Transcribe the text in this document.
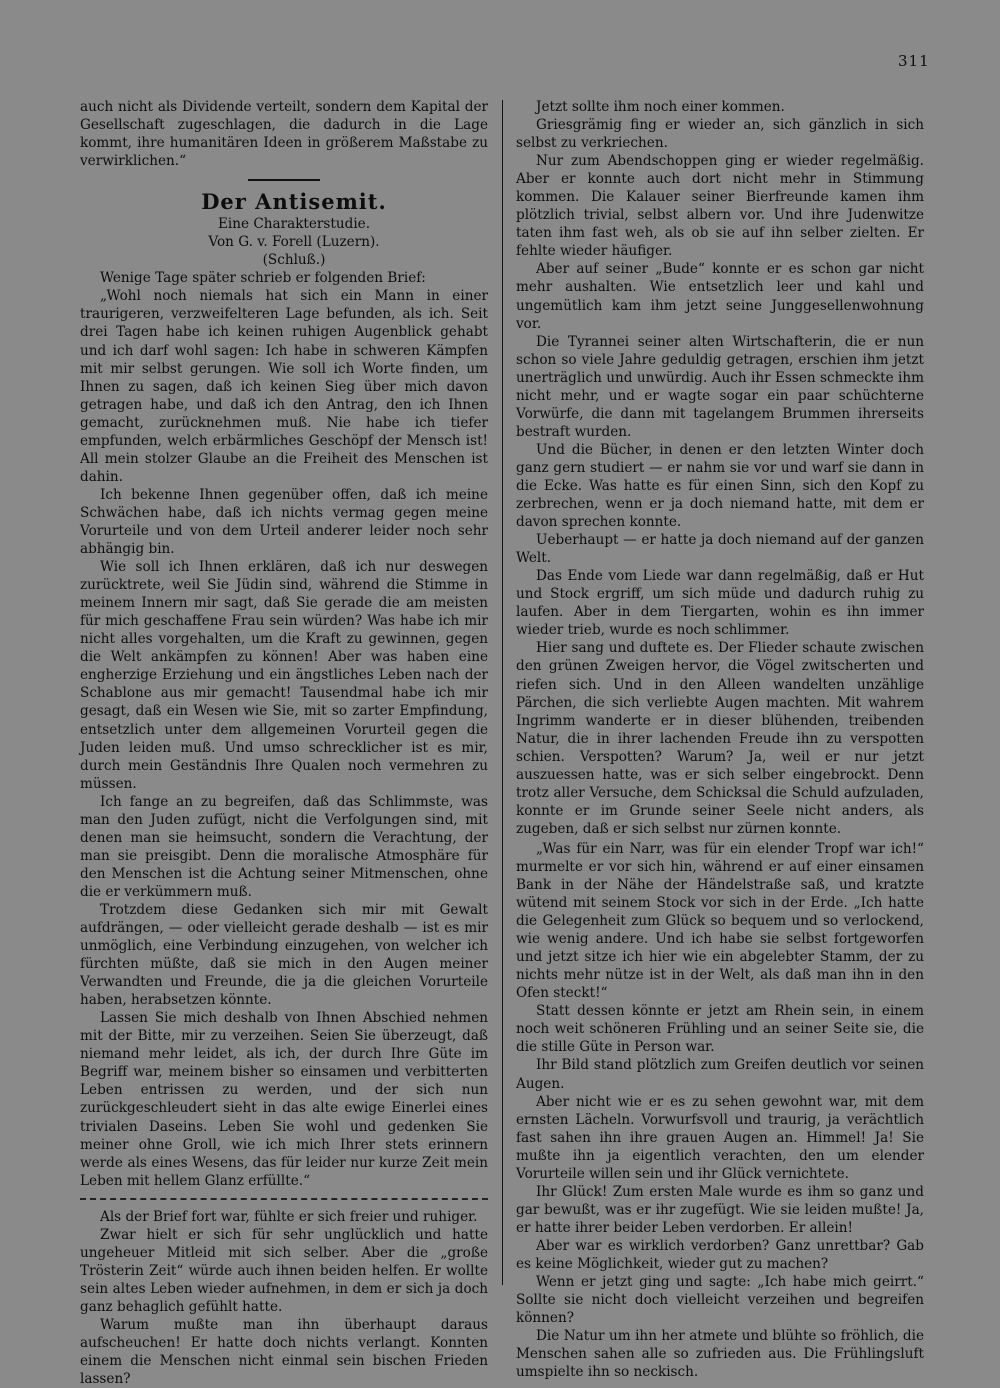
311

auch nicht als Dividende verteilt, sondern dem Kapital der Gesellschaft zugeschlagen, die dadurch in die Lage kommt, ihre humanitären Ideen in größerem Maßstabe zu verwirklichen.“

Der Antisemit.

Eine Charakterstudie.

Von G. v. Forell (Luzern).

(Schluß.)

Wenige Tage später schrieb er folgenden Brief:

„Wohl noch niemals hat sich ein Mann in einer traurigeren, verzweifelteren Lage befunden, als ich. Seit drei Tagen habe ich keinen ruhigen Augenblick gehabt und ich darf wohl sagen: Ich habe in schweren Kämpfen mit mir selbst gerungen. Wie soll ich Worte finden, um Ihnen zu sagen, daß ich keinen Sieg über mich davon getragen habe, und daß ich den Antrag, den ich Ihnen gemacht, zurücknehmen muß. Nie habe ich tiefer empfunden, welch erbärmliches Geschöpf der Mensch ist! All mein stolzer Glaube an die Freiheit des Menschen ist dahin.

Ich bekenne Ihnen gegenüber offen, daß ich meine Schwächen habe, daß ich nichts vermag gegen meine Vorurteile und von dem Urteil anderer leider noch sehr abhängig bin.

Wie soll ich Ihnen erklären, daß ich nur deswegen zurücktrete, weil Sie Jüdin sind, während die Stimme in meinem Innern mir sagt, daß Sie gerade die am meisten für mich geschaffene Frau sein würden? Was habe ich mir nicht alles vorgehalten, um die Kraft zu gewinnen, gegen die Welt ankämpfen zu können! Aber was haben eine engherzige Erziehung und ein ängstliches Leben nach der Schablone aus mir gemacht! Tausendmal habe ich mir gesagt, daß ein Wesen wie Sie, mit so zarter Empfindung, entsetzlich unter dem allgemeinen Vorurteil gegen die Juden leiden muß. Und umso schrecklicher ist es mir, durch mein Geständnis Ihre Qualen noch vermehren zu müssen.

Ich fange an zu begreifen, daß das Schlimmste, was man den Juden zufügt, nicht die Verfolgungen sind, mit denen man sie heimsucht, sondern die Verachtung, der man sie preisgibt. Denn die moralische Atmosphäre für den Menschen ist die Achtung seiner Mitmenschen, ohne die er verkümmern muß.

Trotzdem diese Gedanken sich mir mit Gewalt aufdrängen, — oder vielleicht gerade deshalb — ist es mir unmöglich, eine Verbindung einzugehen, von welcher ich fürchten müßte, daß sie mich in den Augen meiner Verwandten und Freunde, die ja die gleichen Vorurteile haben, herabsetzen könnte.

Lassen Sie mich deshalb von Ihnen Abschied nehmen mit der Bitte, mir zu verzeihen. Seien Sie überzeugt, daß niemand mehr leidet, als ich, der durch Ihre Güte im Begriff war, meinem bisher so einsamen und verbitterten Leben entrissen zu werden, und der sich nun zurückgeschleudert sieht in das alte ewige Einerlei eines trivialen Daseins. Leben Sie wohl und gedenken Sie meiner ohne Groll, wie ich mich Ihrer stets erinnern werde als eines Wesens, das für leider nur kurze Zeit mein Leben mit hellem Glanz erfüllte.“

Als der Brief fort war, fühlte er sich freier und ruhiger.

Zwar hielt er sich für sehr unglücklich und hatte ungeheuer Mitleid mit sich selber. Aber die „große Trösterin Zeit“ würde auch ihnen beiden helfen. Er wollte sein altes Leben wieder aufnehmen, in dem er sich ja doch ganz behaglich gefühlt hatte.

Warum mußte man ihn überhaupt daraus aufscheuchen! Er hatte doch nichts verlangt. Konnten einem die Menschen nicht einmal sein bischen Frieden lassen?

Jetzt sollte ihm noch einer kommen.

Griesgrämig fing er wieder an, sich gänzlich in sich selbst zu verkriechen.

Nur zum Abendschoppen ging er wieder regelmäßig. Aber er konnte auch dort nicht mehr in Stimmung kommen. Die Kalauer seiner Bierfreunde kamen ihm plötzlich trivial, selbst albern vor. Und ihre Judenwitze taten ihm fast weh, als ob sie auf ihn selber zielten. Er fehlte wieder häufiger.

Aber auf seiner „Bude“ konnte er es schon gar nicht mehr aushalten. Wie entsetzlich leer und kahl und ungemütlich kam ihm jetzt seine Junggesellenwohnung vor.

Die Tyrannei seiner alten Wirtschafterin, die er nun schon so viele Jahre geduldig getragen, erschien ihm jetzt unerträglich und unwürdig. Auch ihr Essen schmeckte ihm nicht mehr, und er wagte sogar ein paar schüchterne Vorwürfe, die dann mit tagelangem Brummen ihrerseits bestraft wurden.

Und die Bücher, in denen er den letzten Winter doch ganz gern studiert — er nahm sie vor und warf sie dann in die Ecke. Was hatte es für einen Sinn, sich den Kopf zu zerbrechen, wenn er ja doch niemand hatte, mit dem er davon sprechen konnte.

Ueberhaupt — er hatte ja doch niemand auf der ganzen Welt.

Das Ende vom Liede war dann regelmäßig, daß er Hut und Stock ergriff, um sich müde und dadurch ruhig zu laufen. Aber in dem Tiergarten, wohin es ihn immer wieder trieb, wurde es noch schlimmer.

Hier sang und duftete es. Der Flieder schaute zwischen den grünen Zweigen hervor, die Vögel zwitscherten und riefen sich. Und in den Alleen wandelten unzählige Pärchen, die sich verliebte Augen machten. Mit wahrem Ingrimm wanderte er in dieser blühenden, treibenden Natur, die in ihrer lachenden Freude ihn zu verspotten schien. Verspotten? Warum? Ja, weil er nur jetzt auszuessen hatte, was er sich selber eingebrockt. Denn trotz aller Versuche, dem Schicksal die Schuld aufzuladen, konnte er im Grunde seiner Seele nicht anders, als zugeben, daß er sich selbst nur zürnen konnte.

„Was für ein Narr, was für ein elender Tropf war ich!“ murmelte er vor sich hin, während er auf einer einsamen Bank in der Nähe der Händelstraße saß, und kratzte wütend mit seinem Stock vor sich in der Erde. „Ich hatte die Gelegenheit zum Glück so bequem und so verlockend, wie wenig andere. Und ich habe sie selbst fortgeworfen und jetzt sitze ich hier wie ein abgelebter Stamm, der zu nichts mehr nütze ist in der Welt, als daß man ihn in den Ofen steckt!“

Statt dessen könnte er jetzt am Rhein sein, in einem noch weit schöneren Frühling und an seiner Seite sie, die die stille Güte in Person war.

Ihr Bild stand plötzlich zum Greifen deutlich vor seinen Augen.

Aber nicht wie er es zu sehen gewohnt war, mit dem ernsten Lächeln. Vorwurfsvoll und traurig, ja verächtlich fast sahen ihn ihre grauen Augen an. Himmel! Ja! Sie mußte ihn ja eigentlich verachten, den um elender Vorurteile willen sein und ihr Glück vernichtete.

Ihr Glück! Zum ersten Male wurde es ihm so ganz und gar bewußt, was er ihr zugefügt. Wie sie leiden mußte! Ja, er hatte ihrer beider Leben verdorben. Er allein!

Aber war es wirklich verdorben? Ganz unrettbar? Gab es keine Möglichkeit, wieder gut zu machen?

Wenn er jetzt ging und sagte: „Ich habe mich geirrt.“ Sollte sie nicht doch vielleicht verzeihen und begreifen können?

Die Natur um ihn her atmete und blühte so fröhlich, die Menschen sahen alle so zufrieden aus. Die Frühlingsluft umspielte ihn so neckisch.
